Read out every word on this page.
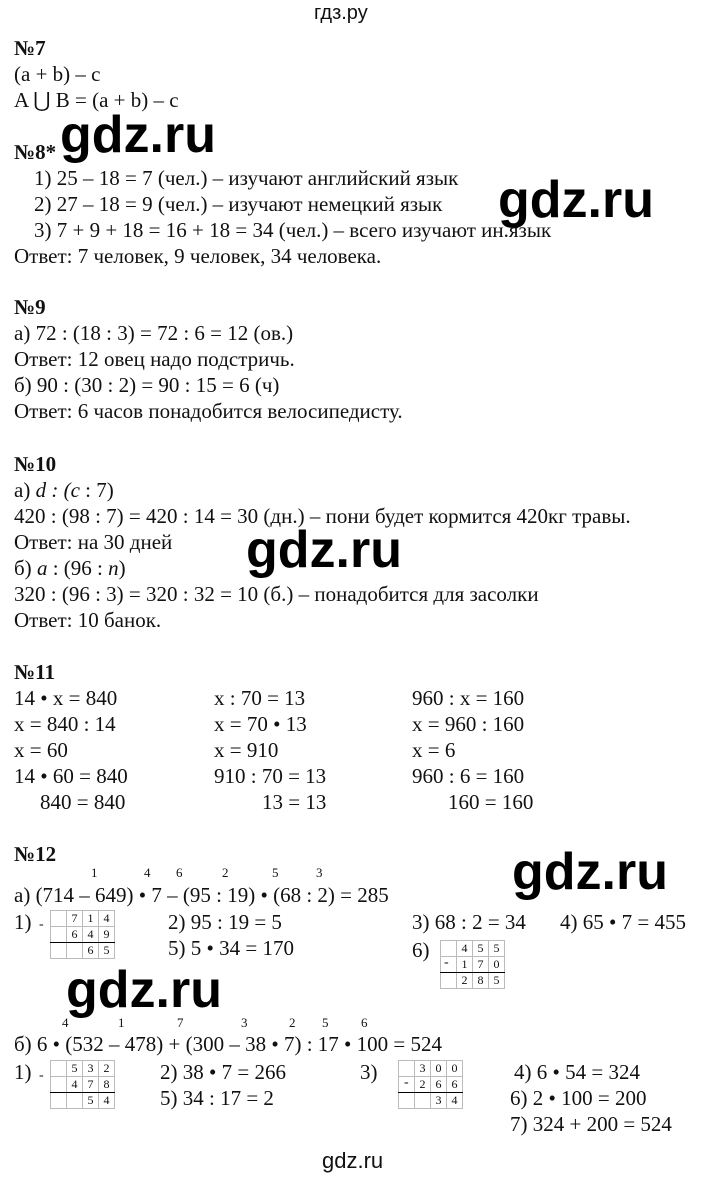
гдз.ру
gdz.ru
gdz.ru
gdz.ru
gdz.ru
gdz.ru
№7
(a + b) – c
A ⋃ B = (a + b) – c
№8*
1) 25 – 18 = 7 (чел.) – изучают английский язык
2) 27 – 18 = 9 (чел.) – изучают немецкий язык
3) 7 + 9 + 18 = 16 + 18 = 34 (чел.) – всего изучают ин.язык
Ответ: 7 человек, 9 человек, 34 человека.
№9
а) 72 : (18 : 3) = 72 : 6 = 12 (ов.)
Ответ: 12 овец надо подстричь.
б) 90 : (30 : 2) = 90 : 15 = 6 (ч)
Ответ: 6 часов понадобится велосипедисту.
№10
а) d : (c : 7)
420 : (98 : 7) = 420 : 14 = 30 (дн.) – пони будет кормится 420кг травы.
Ответ: на 30 дней
б) a : (96 : n)
320 : (96 : 3) = 320 : 32 = 10 (б.) – понадобится для засолки
Ответ: 10 банок.
№11
14 • x = 840
x = 840 : 14
x = 60
14 • 60 = 840
840 = 840
x : 70 = 13
x = 70 • 13
x = 910
910 : 70 = 13
13 = 13
960 : x = 160
x = 960 : 160
x = 6
960 : 6 = 160
160 = 160
№12
1	4 6	2	5	3
а) (714 – 649) • 7 – (95 : 19) • (68 : 2) = 285
1) -
	7	1	4
	6	4	9
		6	5
2) 95 : 19 = 5
5) 5 • 34 = 170
3) 68 : 2 = 34 4) 65 • 7 = 455
6)
-
	4	5	5
	1	7	0
	2	8	5
4	1	7	3	2 5	6
б) 6 • (532 – 478) + (300 – 38 • 7) : 17 • 100 = 524
1) -
	5	3	2
	4	7	8
		5	4
2) 38 • 7 = 266
5) 34 : 17 = 2
3) -
	3	0	0
	2	6	6
		3	4
4) 6 • 54 = 324
6) 2 • 100 = 200
7) 324 + 200 = 524
gdz.ru
